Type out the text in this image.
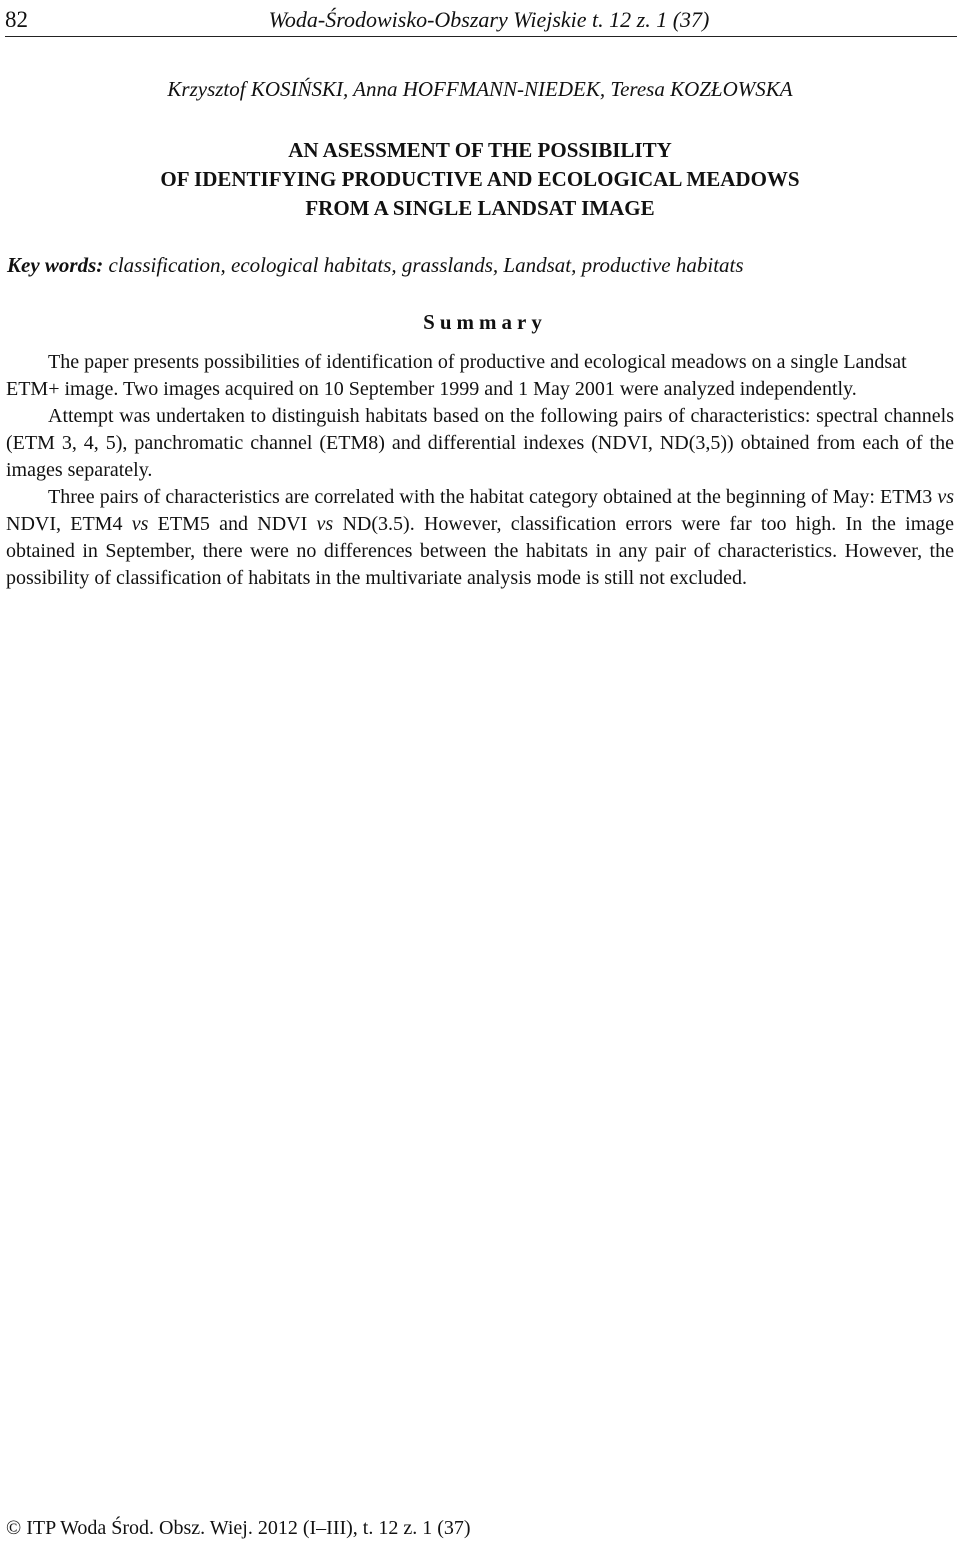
82	Woda-Środowisko-Obszary Wiejskie t. 12 z. 1 (37)
Krzysztof KOSIŃSKI, Anna HOFFMANN-NIEDEK, Teresa KOZŁOWSKA
AN ASESSMENT OF THE POSSIBILITY
OF IDENTIFYING PRODUCTIVE AND ECOLOGICAL MEADOWS
FROM A SINGLE LANDSAT IMAGE
Key words: classification, ecological habitats, grasslands, Landsat, productive habitats
Summary

The paper presents possibilities of identification of productive and ecological meadows on a single Landsat ETM+ image. Two images acquired on 10 September 1999 and 1 May 2001 were analyzed independently.

Attempt was undertaken to distinguish habitats based on the following pairs of characteristics: spectral channels (ETM 3, 4, 5), panchromatic channel (ETM8) and differential indexes (NDVI, ND(3,5)) obtained from each of the images separately.

Three pairs of characteristics are correlated with the habitat category obtained at the beginning of May: ETM3 vs NDVI, ETM4 vs ETM5 and NDVI vs ND(3.5). However, classification errors were far too high. In the image obtained in September, there were no differences between the habitats in any pair of characteristics. However, the possibility of classification of habitats in the multivariate analysis mode is still not excluded.

© ITP Woda Środ. Obsz. Wiej. 2012 (I–III), t. 12 z. 1 (37)
